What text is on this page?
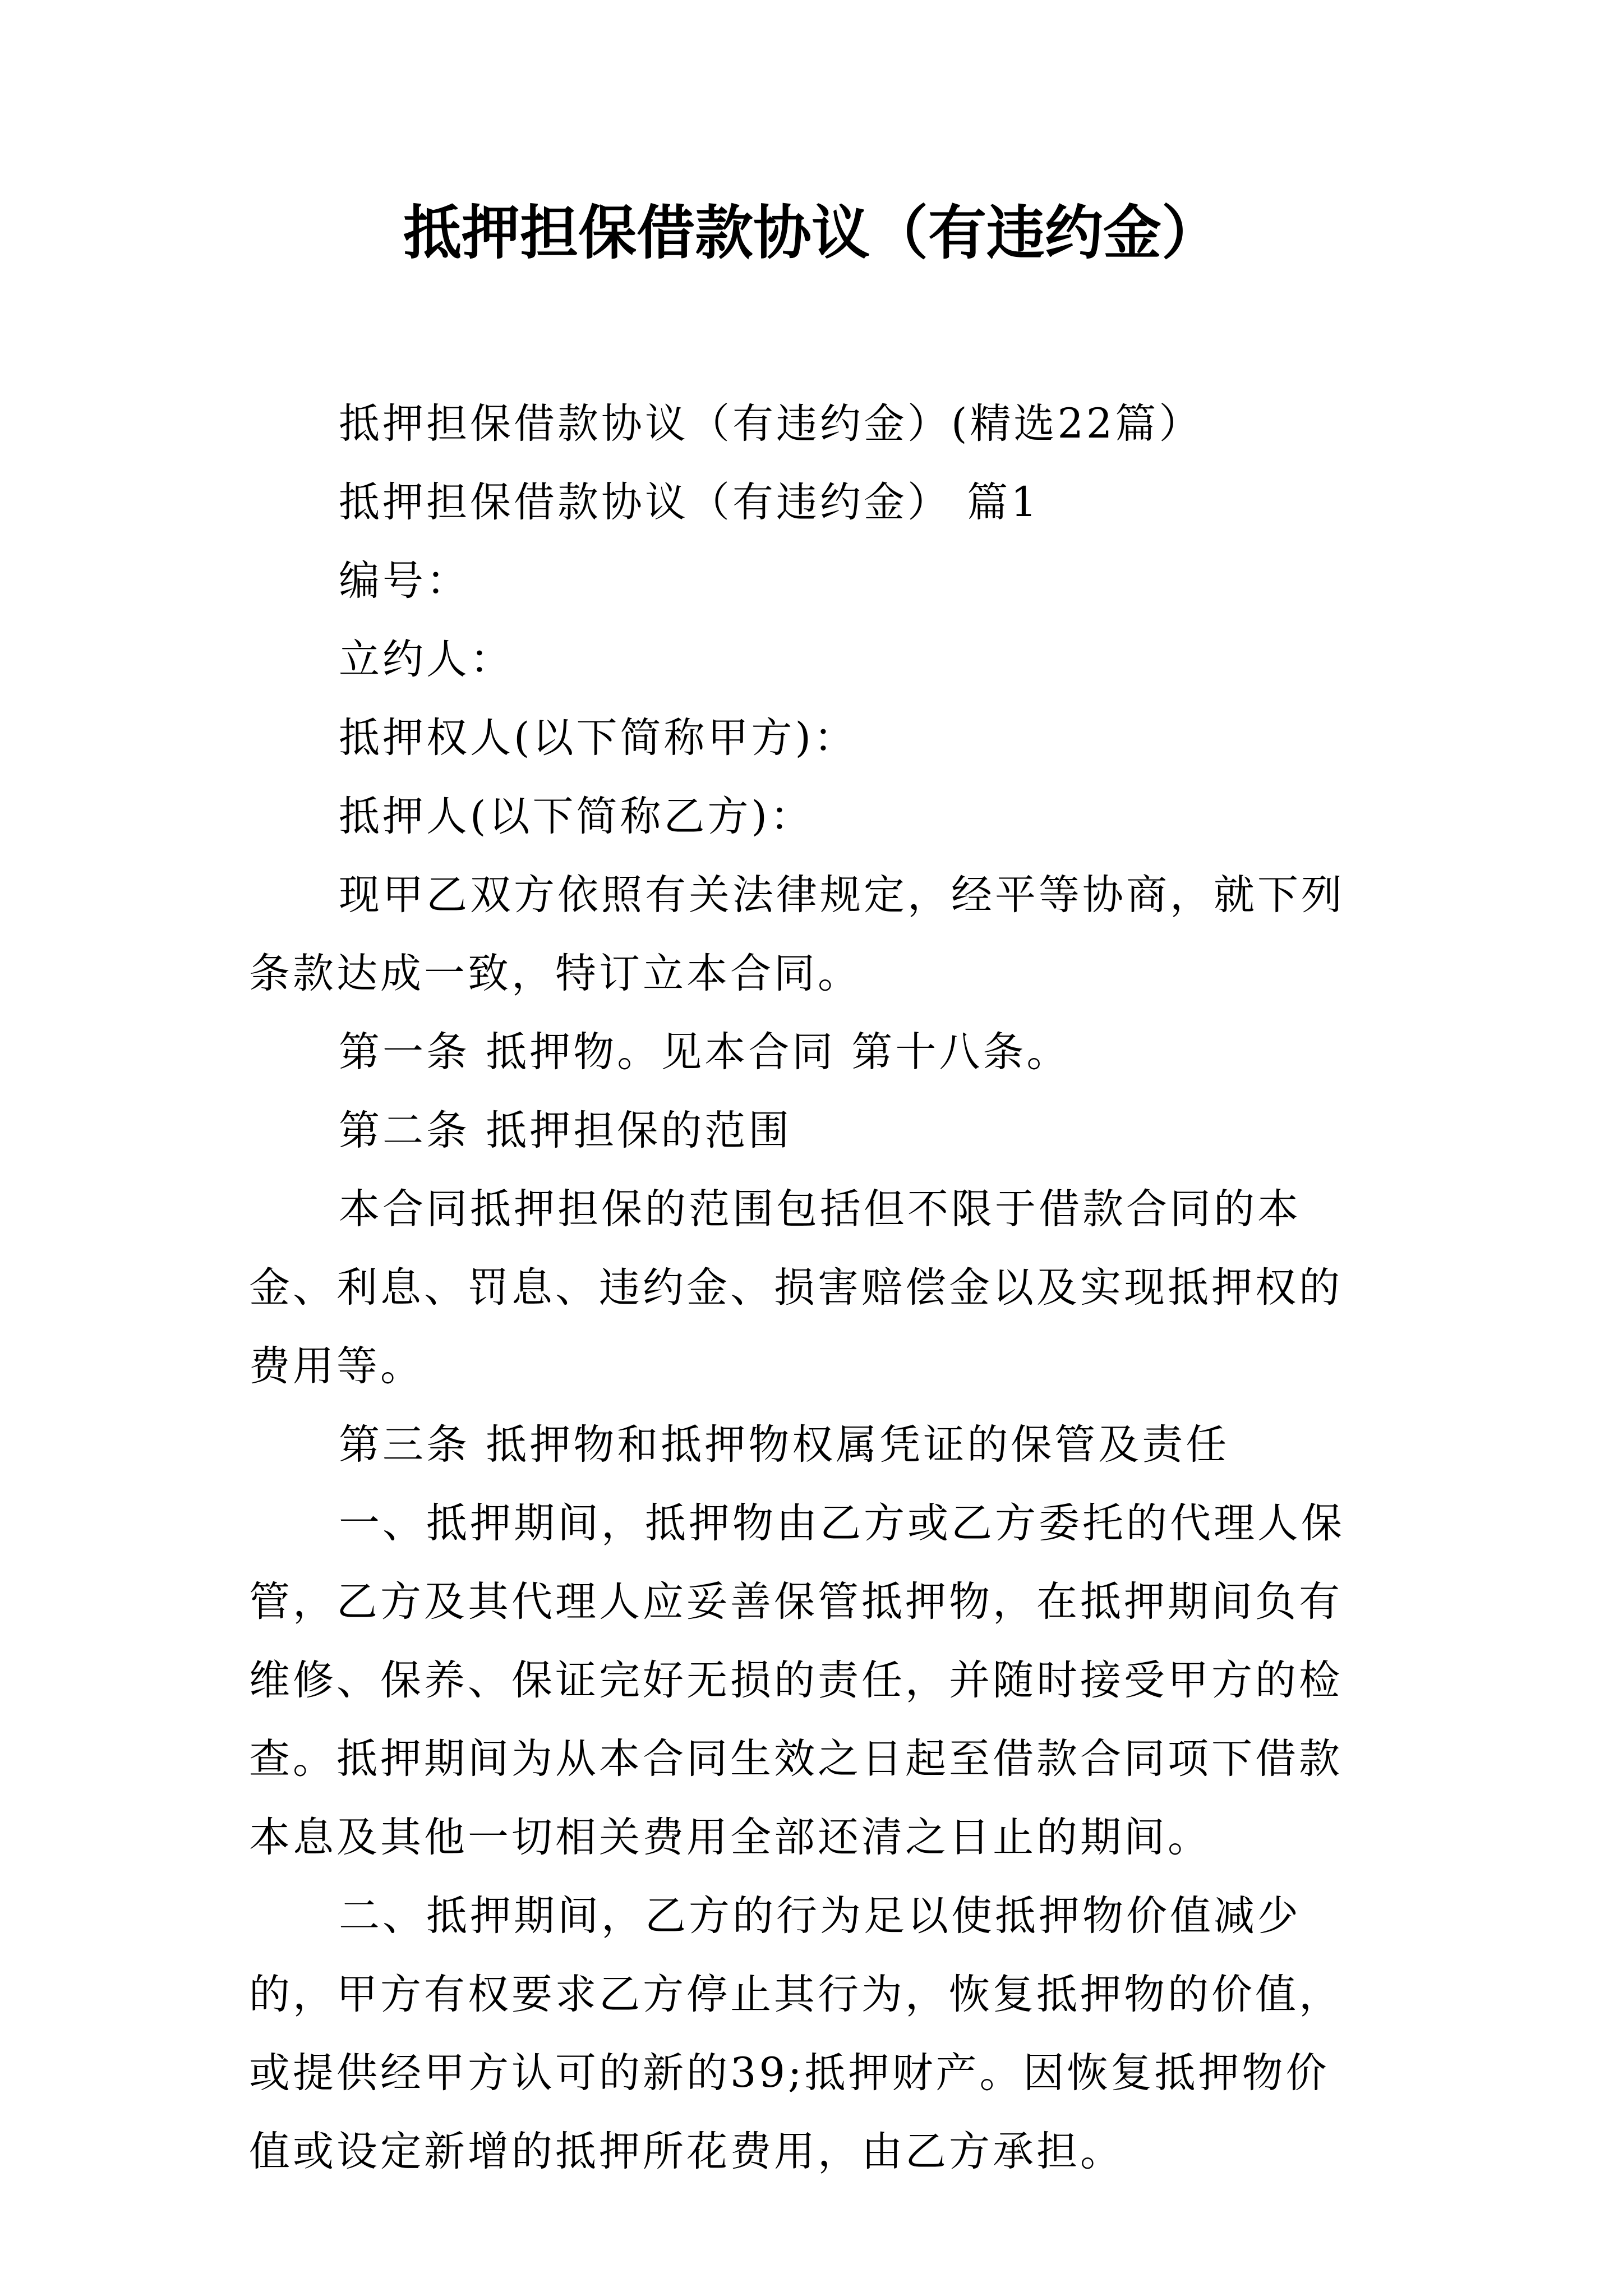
抵押担保借款协议（有违约金）

抵押担保借款协议（有违约金）(精选22篇）

抵押担保借款协议（有违约金） 篇1

编号：

立约人：

抵押权人(以下简称甲方)：

抵押人(以下简称乙方)：

现甲乙双方依照有关法律规定，经平等协商，就下列条款达成一致，特订立本合同。

第一条 抵押物。见本合同 第十八条。

第二条 抵押担保的范围

本合同抵押担保的范围包括但不限于借款合同的本金、利息、罚息、违约金、损害赔偿金以及实现抵押权的费用等。

第三条 抵押物和抵押物权属凭证的保管及责任

一、抵押期间，抵押物由乙方或乙方委托的代理人保管，乙方及其代理人应妥善保管抵押物，在抵押期间负有维修、保养、保证完好无损的责任，并随时接受甲方的检查。抵押期间为从本合同生效之日起至借款合同项下借款本息及其他一切相关费用全部还清之日止的期间。

二、抵押期间，乙方的行为足以使抵押物价值减少的，甲方有权要求乙方停止其行为，恢复抵押物的价值，或提供经甲方认可的新的39;抵押财产。因恢复抵押物价值或设定新增的抵押所花费用，由乙方承担。
